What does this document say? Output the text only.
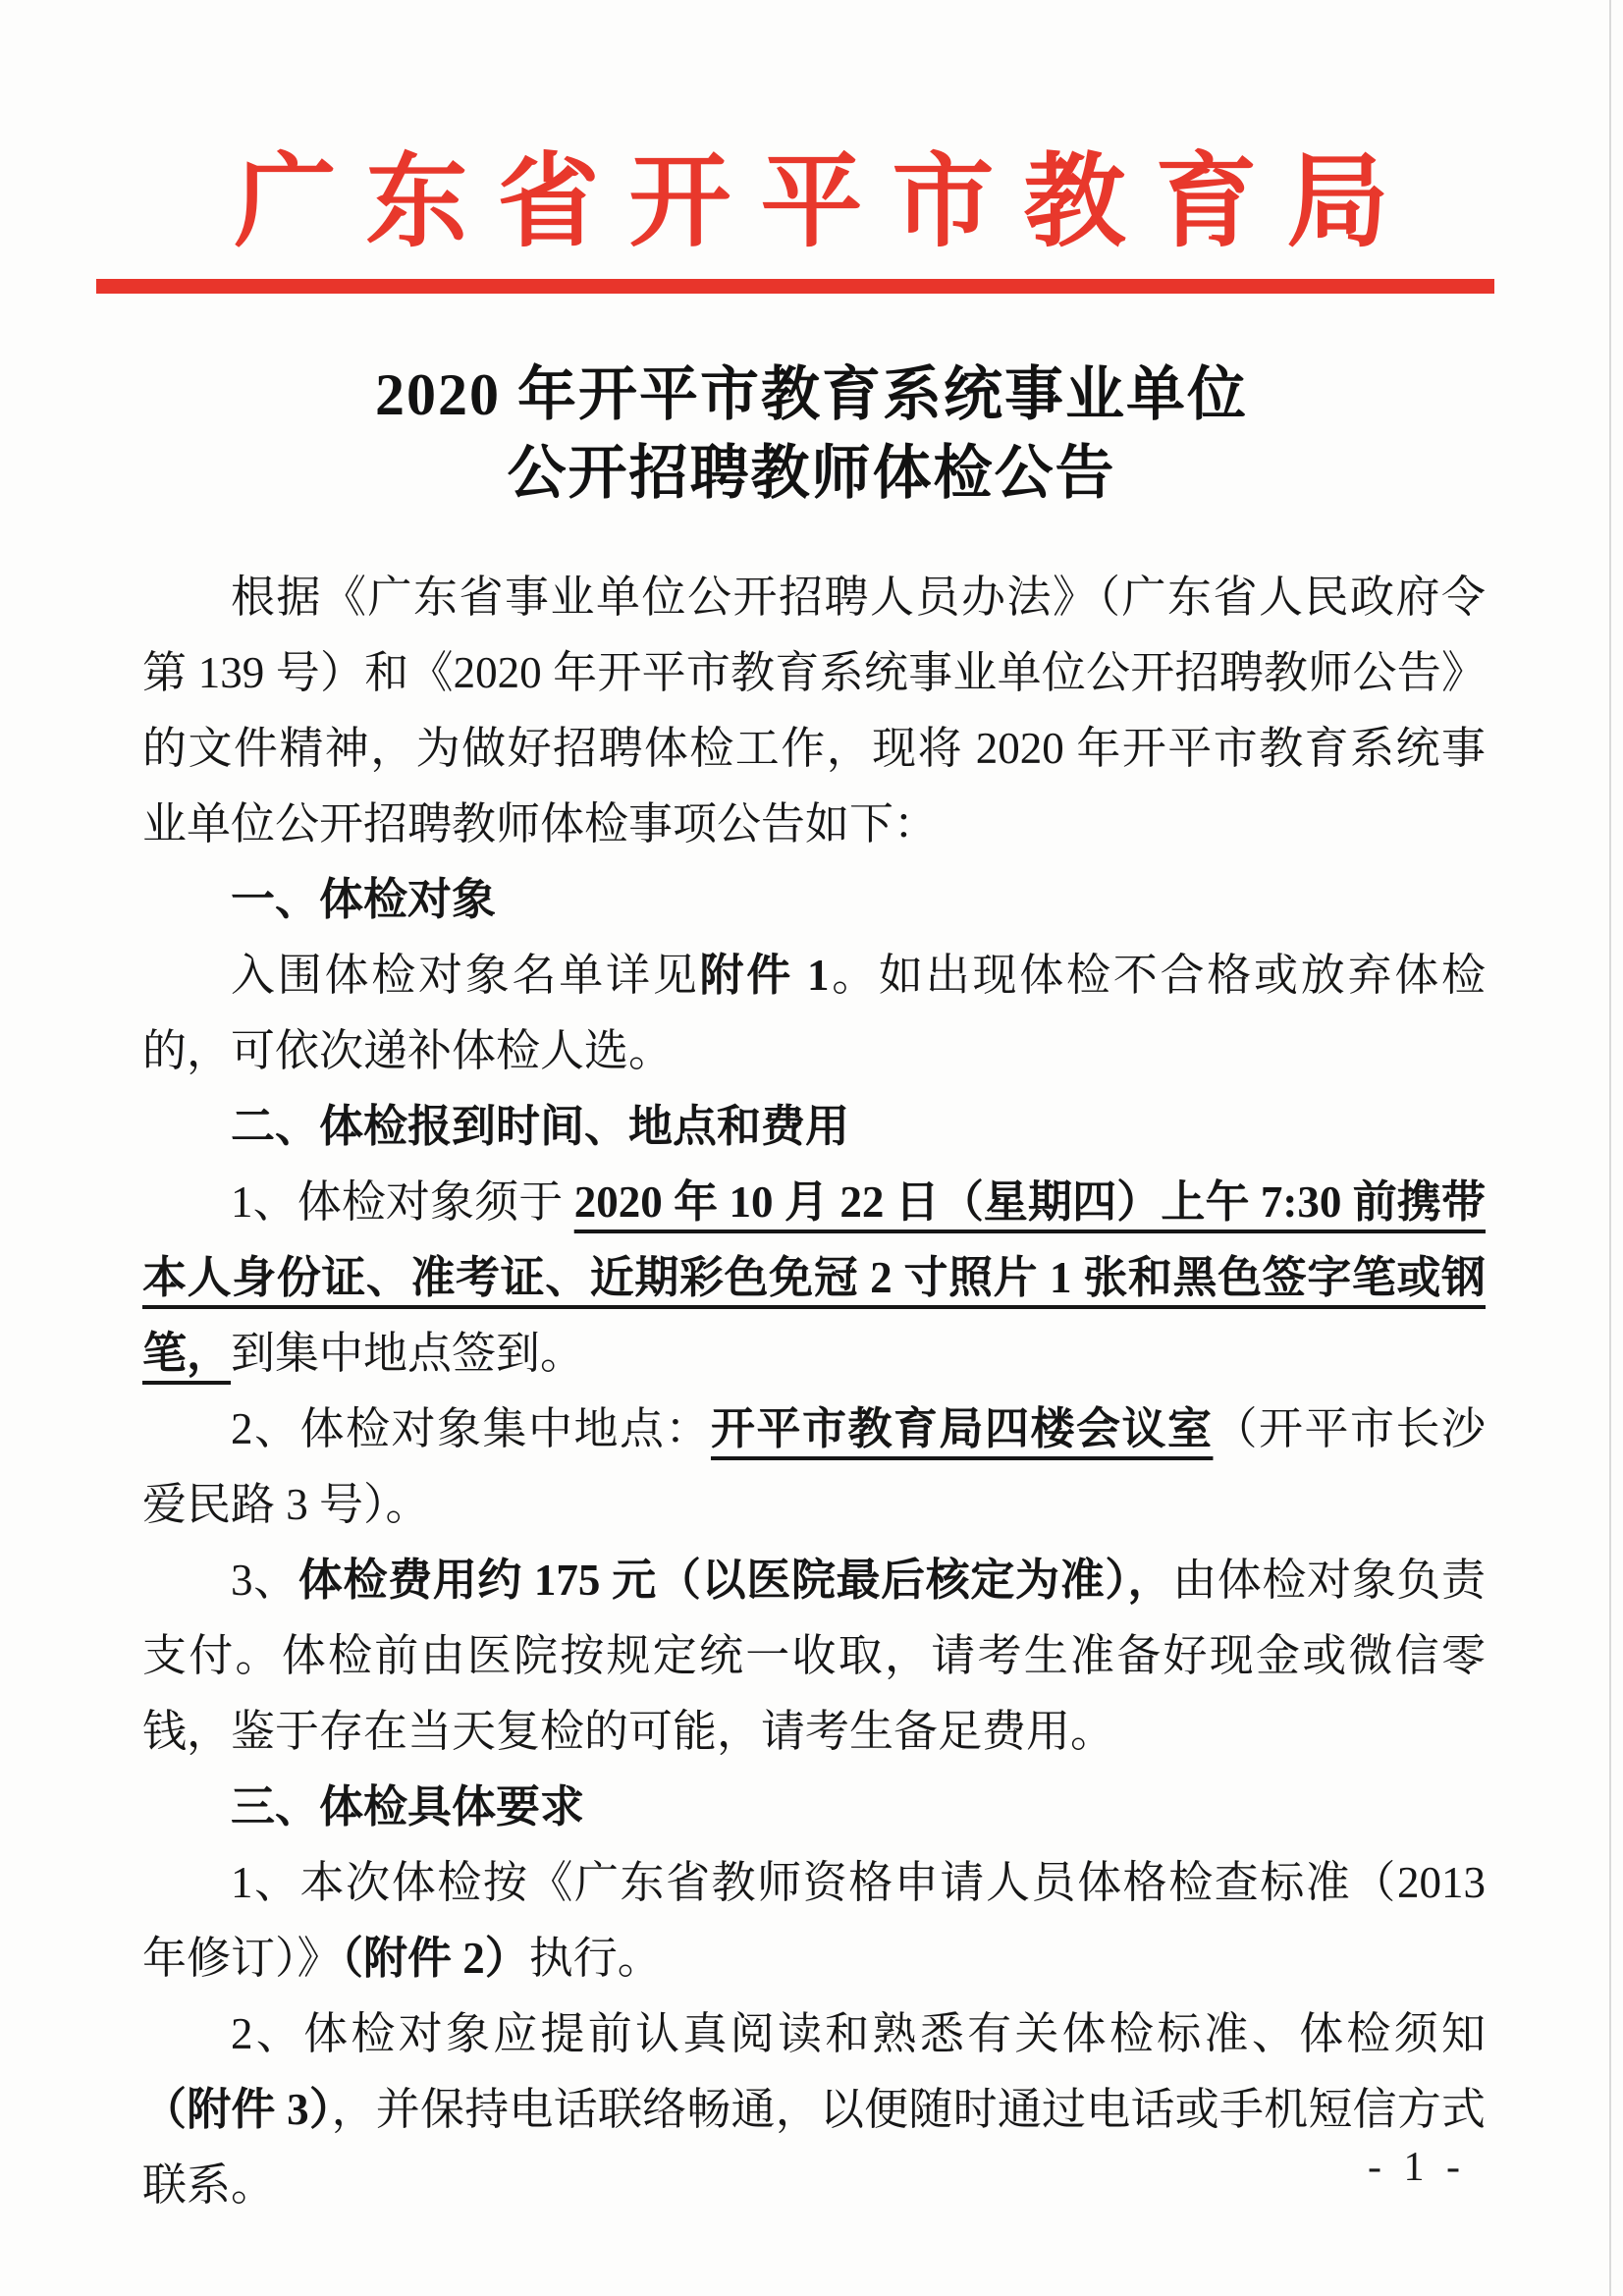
广东省开平市教育局
2020 年开平市教育系统事业单位
公开招聘教师体检公告

根据《广东省事业单位公开招聘人员办法》（广东省人民政府令第 139 号）和《2020 年开平市教育系统事业单位公开招聘教师公告》的文件精神，为做好招聘体检工作，现将 2020 年开平市教育系统事业单位公开招聘教师体检事项公告如下：

一、体检对象

入围体检对象名单详见附件 1。如出现体检不合格或放弃体检的，可依次递补体检人选。

二、体检报到时间、地点和费用

1、体检对象须于 2020 年 10 月 22 日（星期四）上午 7:30 前携带本人身份证、准考证、近期彩色免冠 2 寸照片 1 张和黑色签字笔或钢笔，到集中地点签到。

2、体检对象集中地点：开平市教育局四楼会议室（开平市长沙爱民路 3 号）。

3、体检费用约 175 元（以医院最后核定为准），由体检对象负责支付。体检前由医院按规定统一收取，请考生准备好现金或微信零钱，鉴于存在当天复检的可能，请考生备足费用。

三、体检具体要求

1、本次体检按《广东省教师资格申请人员体格检查标准（2013 年修订）》（附件 2）执行。

2、体检对象应提前认真阅读和熟悉有关体检标准、体检须知（附件 3），并保持电话联络畅通，以便随时通过电话或手机短信方式联系。	- 1 -
